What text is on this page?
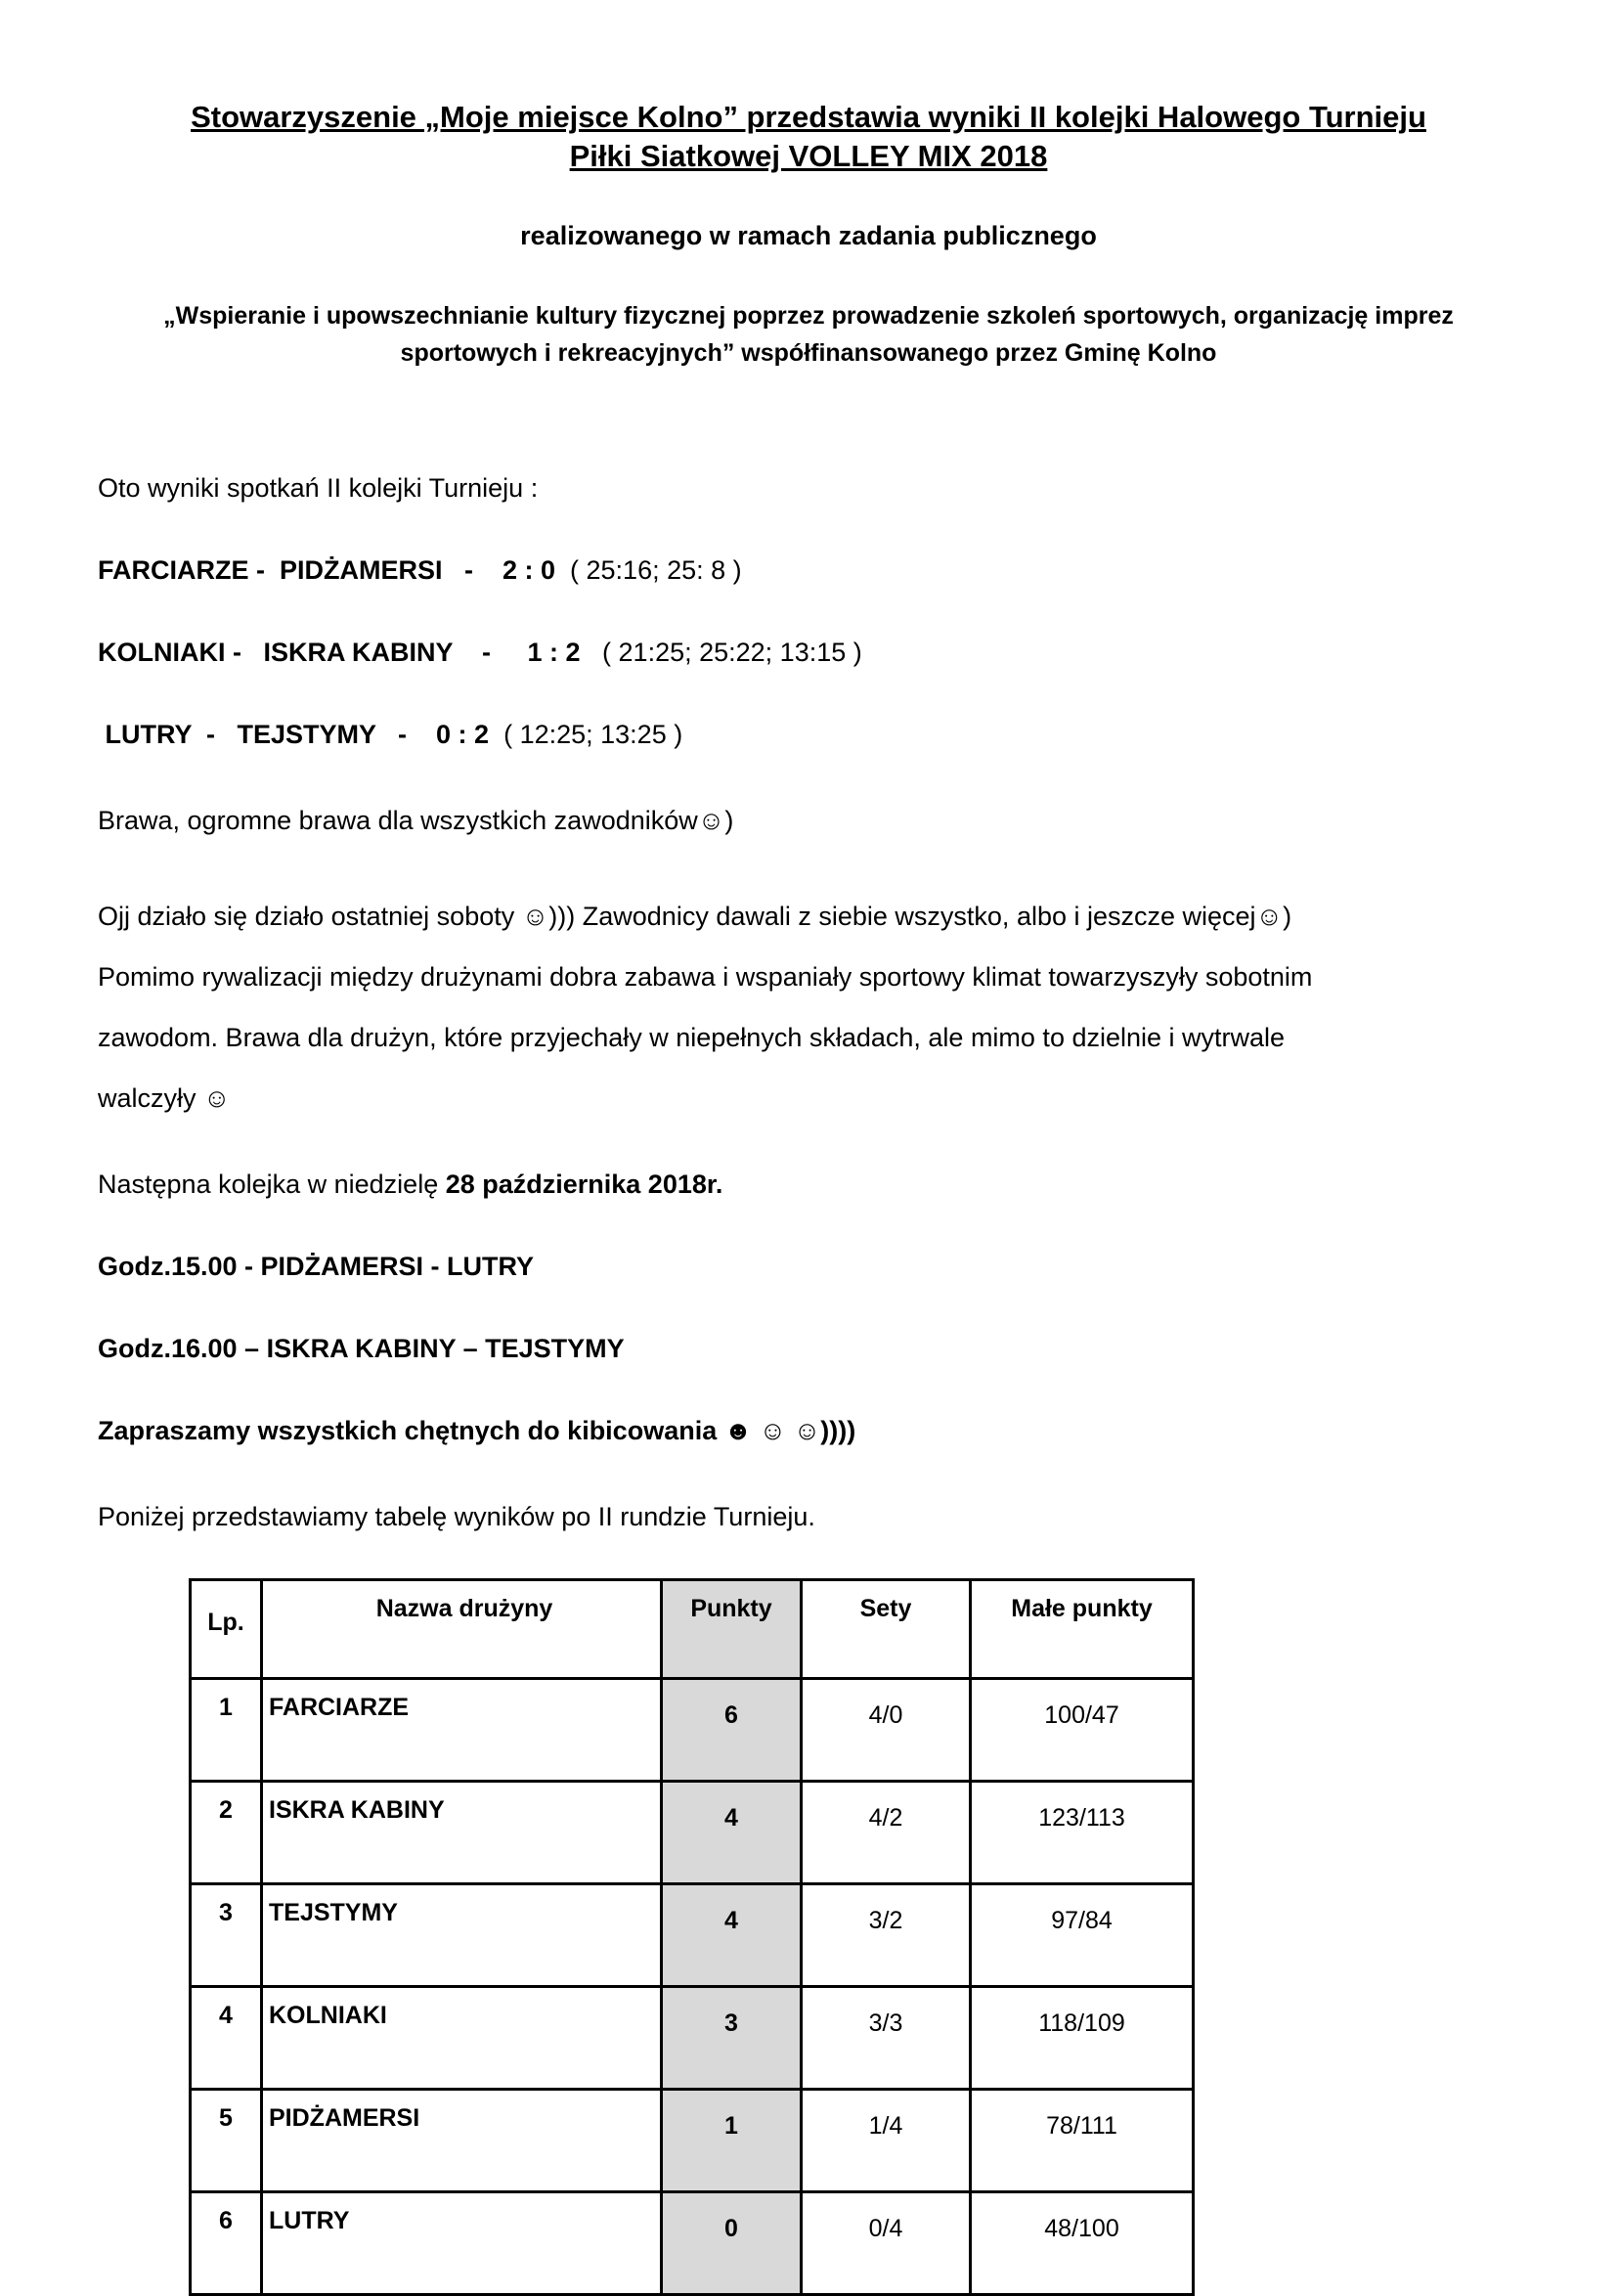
Stowarzyszenie „Moje miejsce Kolno” przedstawia wyniki II kolejki Halowego Turnieju
Piłki Siatkowej VOLLEY MIX 2018
realizowanego w ramach zadania publicznego
„Wspieranie i upowszechnianie kultury fizycznej poprzez prowadzenie szkoleń sportowych, organizację imprez
sportowych i rekreacyjnych” współfinansowanego przez Gminę Kolno
Oto wyniki spotkań II kolejki Turnieju :
FARCIARZE -  PIDŻAMERSI   -    2 : 0  ( 25:16; 25: 8 )
KOLNIAKI -   ISKRA KABINY    -     1 : 2   ( 21:25; 25:22; 13:15 )
LUTRY  -   TEJSTYMY   -    0 : 2  ( 12:25; 13:25 )
Brawa, ogromne brawa dla wszystkich zawodników☺)
Ojj działo się działo ostatniej soboty ☺))) Zawodnicy dawali z siebie wszystko, albo i jeszcze więcej☺)
Pomimo rywalizacji między drużynami dobra zabawa i wspaniały sportowy klimat towarzyszyły sobotnim
zawodom. Brawa dla drużyn, które przyjechały w niepełnych składach, ale mimo to dzielnie i wytrwale
walczyły ☺
Następna kolejka w niedzielę 28 października 2018r.
Godz.15.00 - PIDŻAMERSI - LUTRY
Godz.16.00 – ISKRA KABINY – TEJSTYMY
Zapraszamy wszystkich chętnych do kibicowania ☻ ☺ ☺))))
Poniżej przedstawiamy tabelę wyników po II rundzie Turnieju.
Lp.	Nazwa drużyny	Punkty	Sety	Małe punkty
1	FARCIARZE	6	4/0	100/47
2	ISKRA KABINY	4	4/2	123/113
3	TEJSTYMY	4	3/2	97/84
4	KOLNIAKI	3	3/3	118/109
5	PIDŻAMERSI	1	1/4	78/111
6	LUTRY	0	0/4	48/100
